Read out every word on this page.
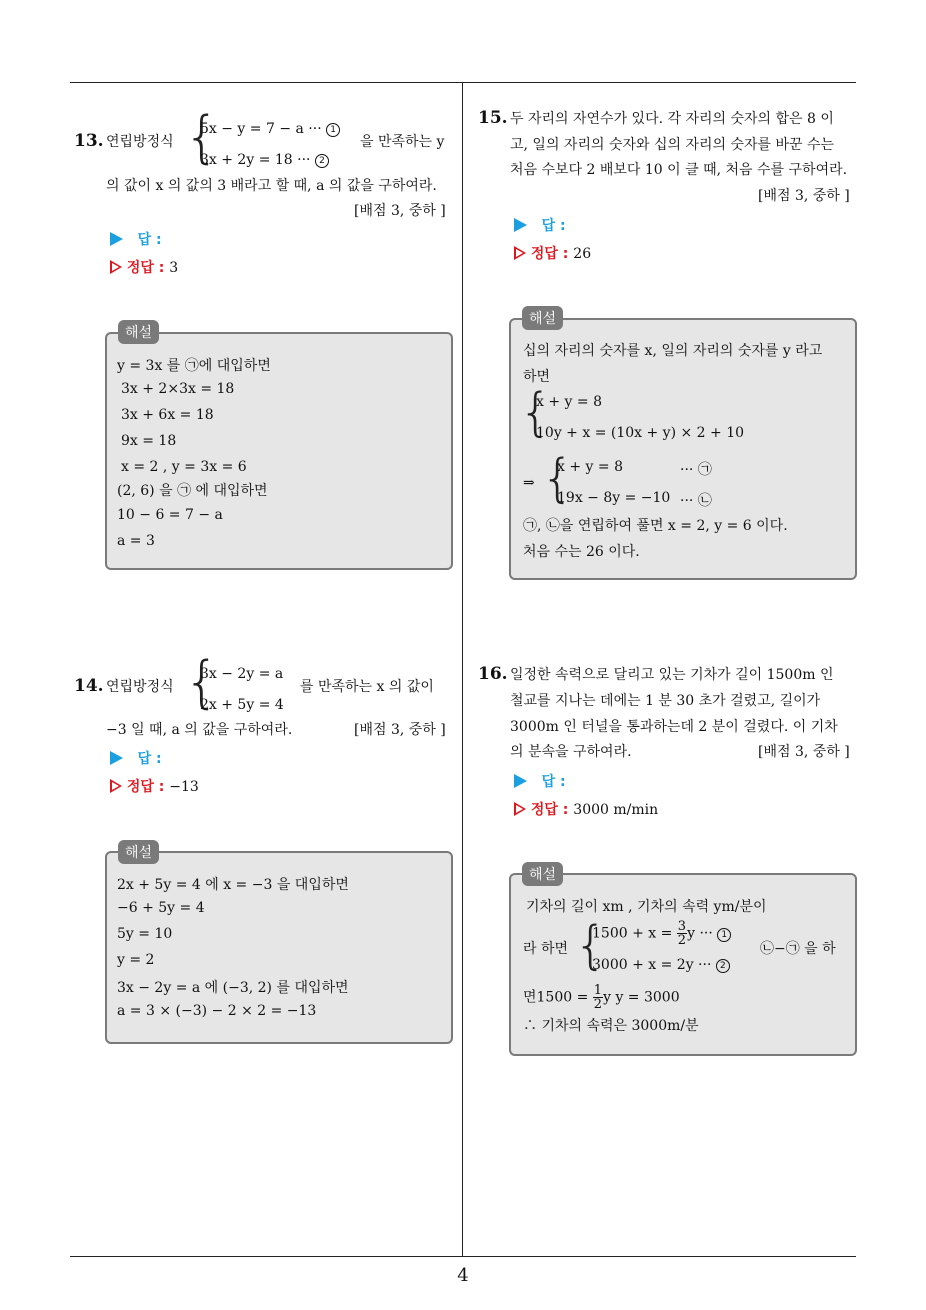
4
13. 연립방정식 {
5x − y = 7 − a ··· 1
3x + 2y = 18 ··· 2
을 만족하는 y
의 값이 x 의 값의 3 배라고 할 때, a 의 값을 구하여라.
[배점 3, 중하 ]
답 :
정답 : 3
해설
y = 3x 를 ㉠에 대입하면
3x + 2×3x = 18
3x + 6x = 18
9x = 18
x = 2 , y = 3x = 6
(2, 6) 을 ㉠ 에 대입하면
10 − 6 = 7 − a
a = 3
14. 연립방정식 {
3x − 2y = a
2x + 5y = 4
를 만족하는 x 의 값이
−3 일 때, a 의 값을 구하여라.	[배점 3, 중하 ]
답 :
정답 : −13
해설
2x + 5y = 4 에 x = −3 을 대입하면
−6 + 5y = 4
5y = 10
y = 2
3x − 2y = a 에 (−3, 2) 를 대입하면
a = 3 × (−3) − 2 × 2 = −13
15. 두 자리의 자연수가 있다. 각 자리의 숫자의 합은 8 이
고, 일의 자리의 숫자와 십의 자리의 숫자를 바꾼 수는
처음 수보다 2 배보다 10 이 클 때, 처음 수를 구하여라.
[배점 3, 중하 ]
답 :
정답 : 26
해설
십의 자리의 숫자를 x, 일의 자리의 숫자를 y 라고
하면
{
x + y = 8
10y + x = (10x + y) × 2 + 10
⇒ {
x + y = 8
19x − 8y = −10
··· ㉠
··· ㉡
㉠, ㉡을 연립하여 풀면 x = 2, y = 6 이다.
처음 수는 26 이다.
16. 일정한 속력으로 달리고 있는 기차가 길이 1500m 인
철교를 지나는 데에는 1 분 30 초가 걸렸고, 길이가
3000m 인 터널을 통과하는데 2 분이 걸렸다. 이 기차
의 분속을 구하여라.	[배점 3, 중하 ]
답 :
정답 : 3000 m/min
해설
기차의 길이 xm , 기차의 속력 ym/분이
라 하면 {
$1500 + x = \frac{3}{2}$ y ··· 1
3000 + x = 2y ··· 2
㉡−㉠ 을 하
면$1500 = \frac{1}{2}$ y y = 3000
∴ 기차의 속력은 3000m/분
